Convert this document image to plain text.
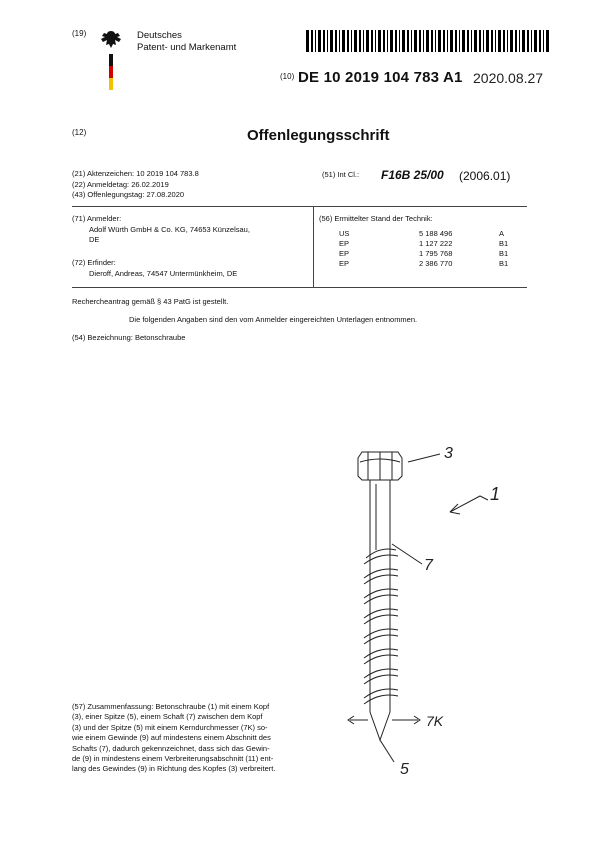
(19)	Deutsches
Patent- und Markenamt
(10) DE 10 2019 104 783 A1 2020.08.27
(12)	Offenlegungsschrift
(21) Aktenzeichen: 10 2019 104 783.8
(22) Anmeldetag: 26.02.2019
(43) Offenlegungstag: 27.08.2020
(51) Int Cl.: F16B 25/00 (2006.01)
(71) Anmelder:
Adolf Würth GmbH & Co. KG, 74653 Künzelsau,
DE
(72) Erfinder:
Dieroff, Andreas, 74547 Untermünkheim, DE
(56) Ermittelter Stand der Technik:
US	5 188 496	A
EP	1 127 222	B1
EP	1 795 768	B1
EP	2 386 770	B1
Rechercheantrag gemäß § 43 PatG ist gestellt.
Die folgenden Angaben sind den vom Anmelder eingereichten Unterlagen entnommen.
(54) Bezeichnung: Betonschraube
3
1
7
7K
5
(57) Zusammenfassung: Betonschraube (1) mit einem Kopf
(3), einer Spitze (5), einem Schaft (7) zwischen dem Kopf
(3) und der Spitze (5) mit einem Kerndurchmesser (7K) so-
wie einem Gewinde (9) auf mindestens einem Abschnitt des
Schafts (7), dadurch gekennzeichnet, dass sich das Gewin-
de (9) in mindestens einem Verbreiterungsabschnitt (11) ent-
lang des Gewindes (9) in Richtung des Kopfes (3) verbreitert.
